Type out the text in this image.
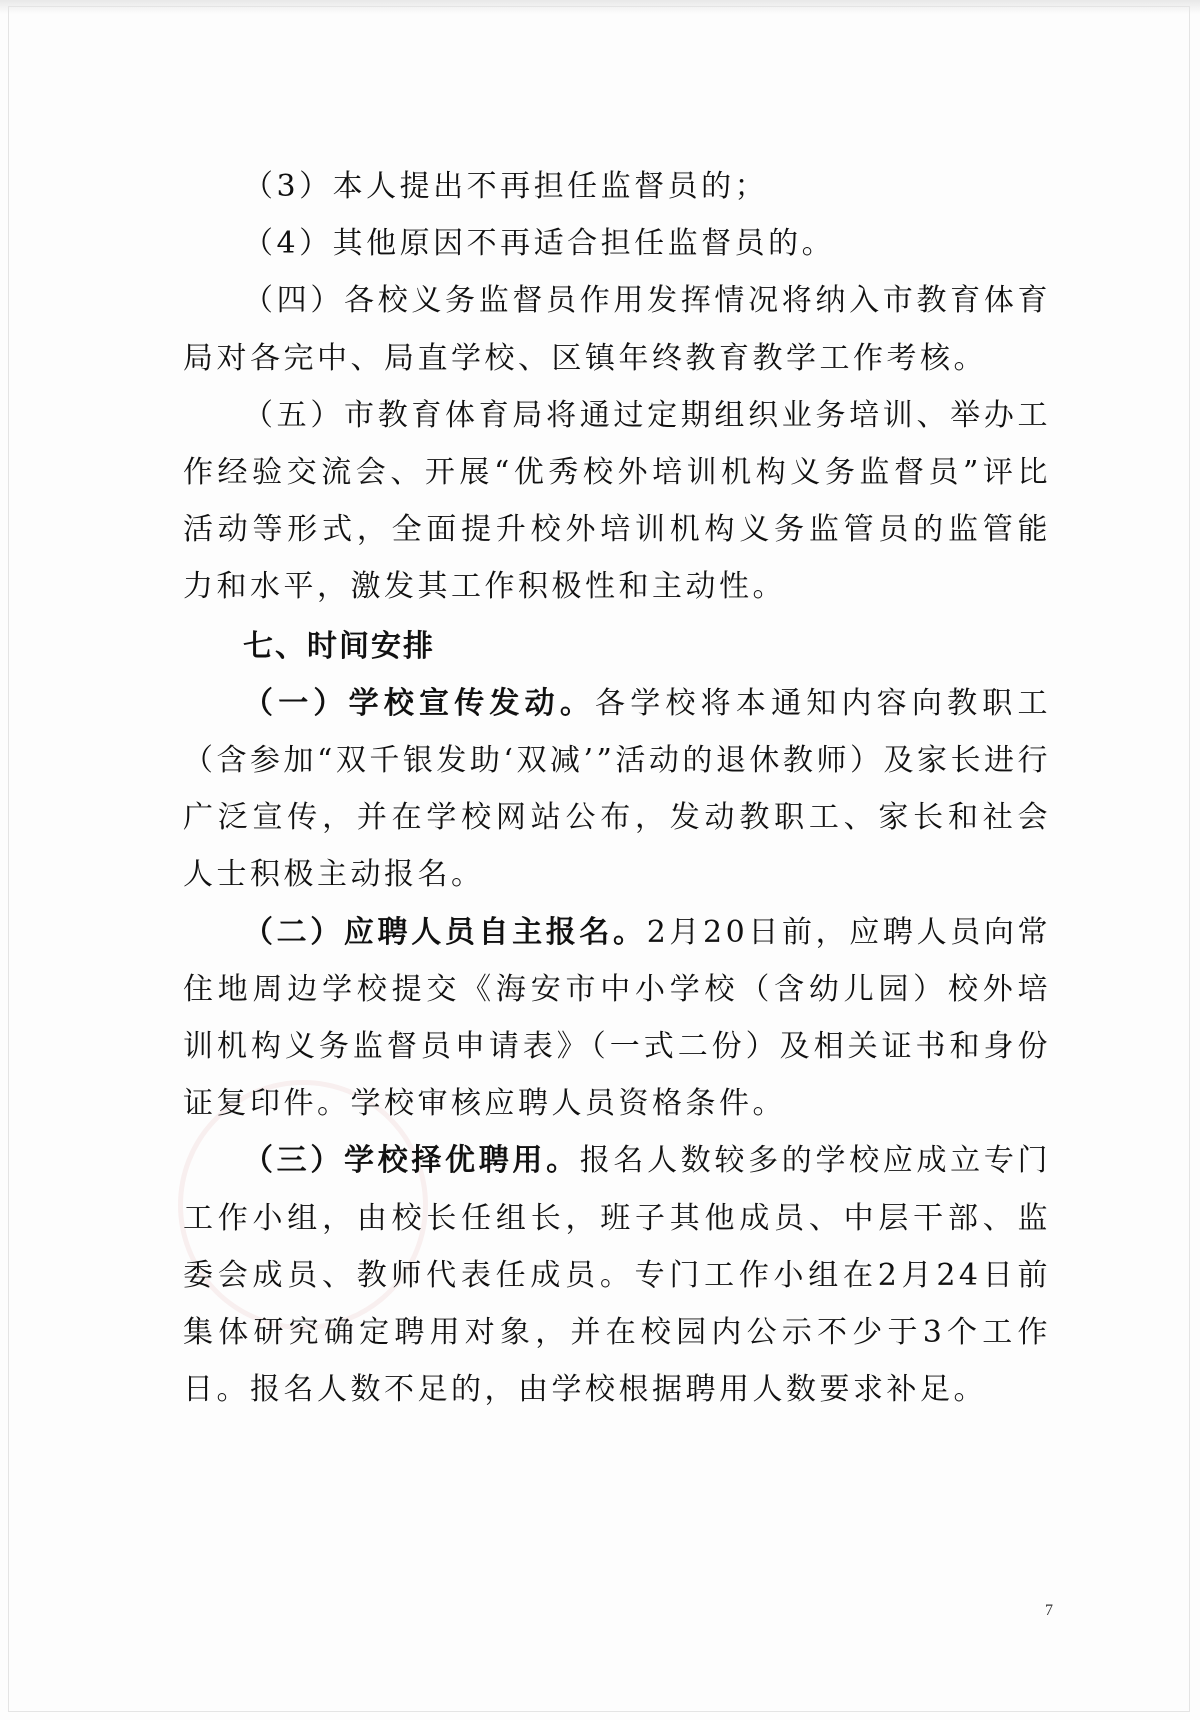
（3）本人提出不再担任监督员的；

（4）其他原因不再适合担任监督员的。

（四）各校义务监督员作用发挥情况将纳入市教育体育局对各完中、局直学校、区镇年终教育教学工作考核。

（五）市教育体育局将通过定期组织业务培训、举办工作经验交流会、开展“优秀校外培训机构义务监督员”评比活动等形式，全面提升校外培训机构义务监管员的监管能力和水平，激发其工作积极性和主动性。

七、时间安排

（一）学校宣传发动。各学校将本通知内容向教职工（含参加“双千银发助‘双减’”活动的退休教师）及家长进行广泛宣传，并在学校网站公布，发动教职工、家长和社会人士积极主动报名。

（二）应聘人员自主报名。2月20日前，应聘人员向常住地周边学校提交《海安市中小学校（含幼儿园）校外培训机构义务监督员申请表》（一式二份）及相关证书和身份证复印件。学校审核应聘人员资格条件。

（三）学校择优聘用。报名人数较多的学校应成立专门工作小组，由校长任组长，班子其他成员、中层干部、监委会成员、教师代表任成员。专门工作小组在2月24日前集体研究确定聘用对象，并在校园内公示不少于3个工作日。报名人数不足的，由学校根据聘用人数要求补足。

7
